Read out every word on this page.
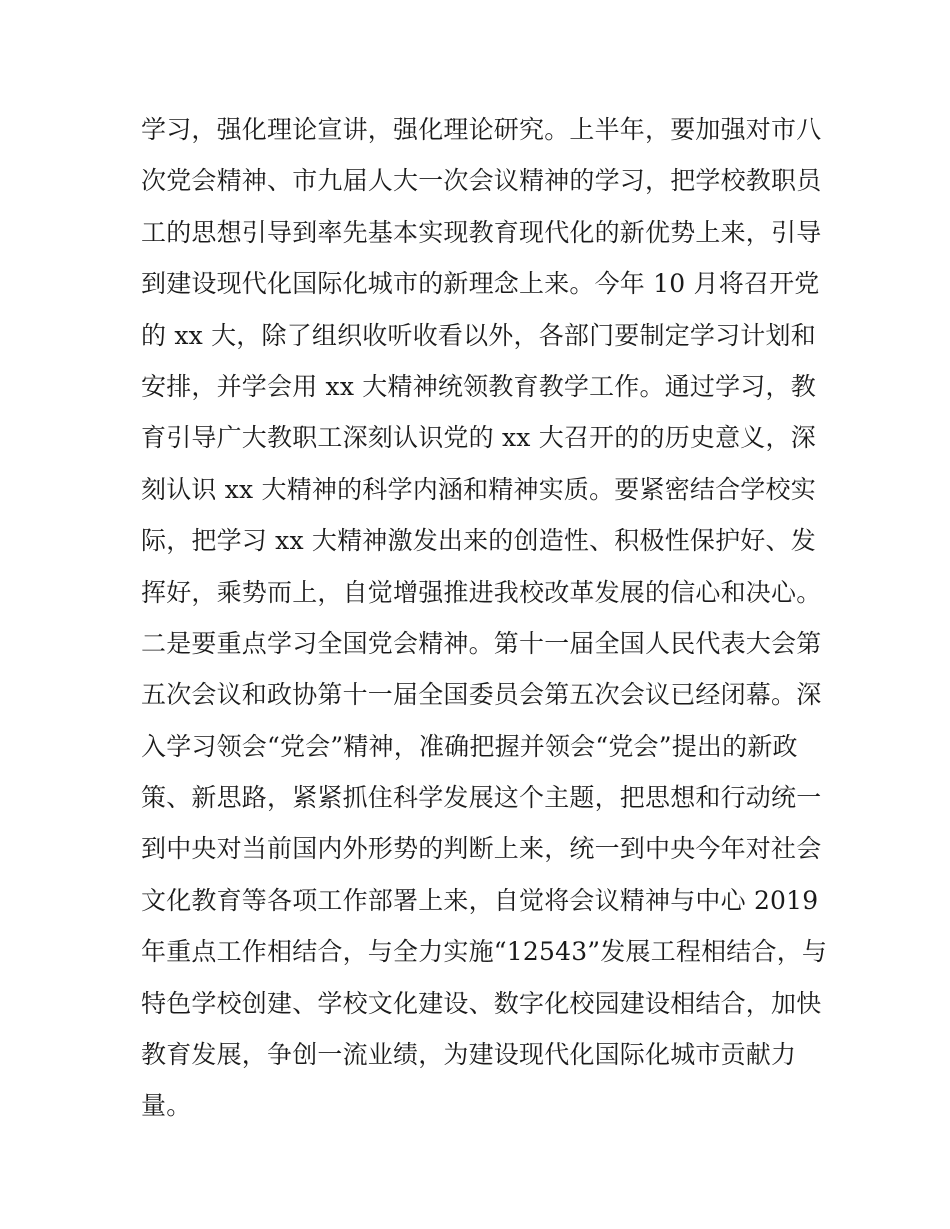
学习，强化理论宣讲，强化理论研究。上半年，要加强对市八
次党会精神、市九届人大一次会议精神的学习，把学校教职员
工的思想引导到率先基本实现教育现代化的新优势上来，引导
到建设现代化国际化城市的新理念上来。今年 10 月将召开党
的 xx 大，除了组织收听收看以外，各部门要制定学习计划和
安排，并学会用 xx 大精神统领教育教学工作。通过学习，教
育引导广大教职工深刻认识党的 xx 大召开的的历史意义，深
刻认识 xx 大精神的科学内涵和精神实质。要紧密结合学校实
际，把学习 xx 大精神激发出来的创造性、积极性保护好、发
挥好，乘势而上，自觉增强推进我校改革发展的信心和决心。
二是要重点学习全国党会精神。第十一届全国人民代表大会第
五次会议和政协第十一届全国委员会第五次会议已经闭幕。深
入学习领会“党会”精神，准确把握并领会“党会”提出的新政
策、新思路，紧紧抓住科学发展这个主题，把思想和行动统一
到中央对当前国内外形势的判断上来，统一到中央今年对社会
文化教育等各项工作部署上来，自觉将会议精神与中心 2019
年重点工作相结合，与全力实施“12543”发展工程相结合，与
特色学校创建、学校文化建设、数字化校园建设相结合，加快
教育发展，争创一流业绩，为建设现代化国际化城市贡献力
量。
